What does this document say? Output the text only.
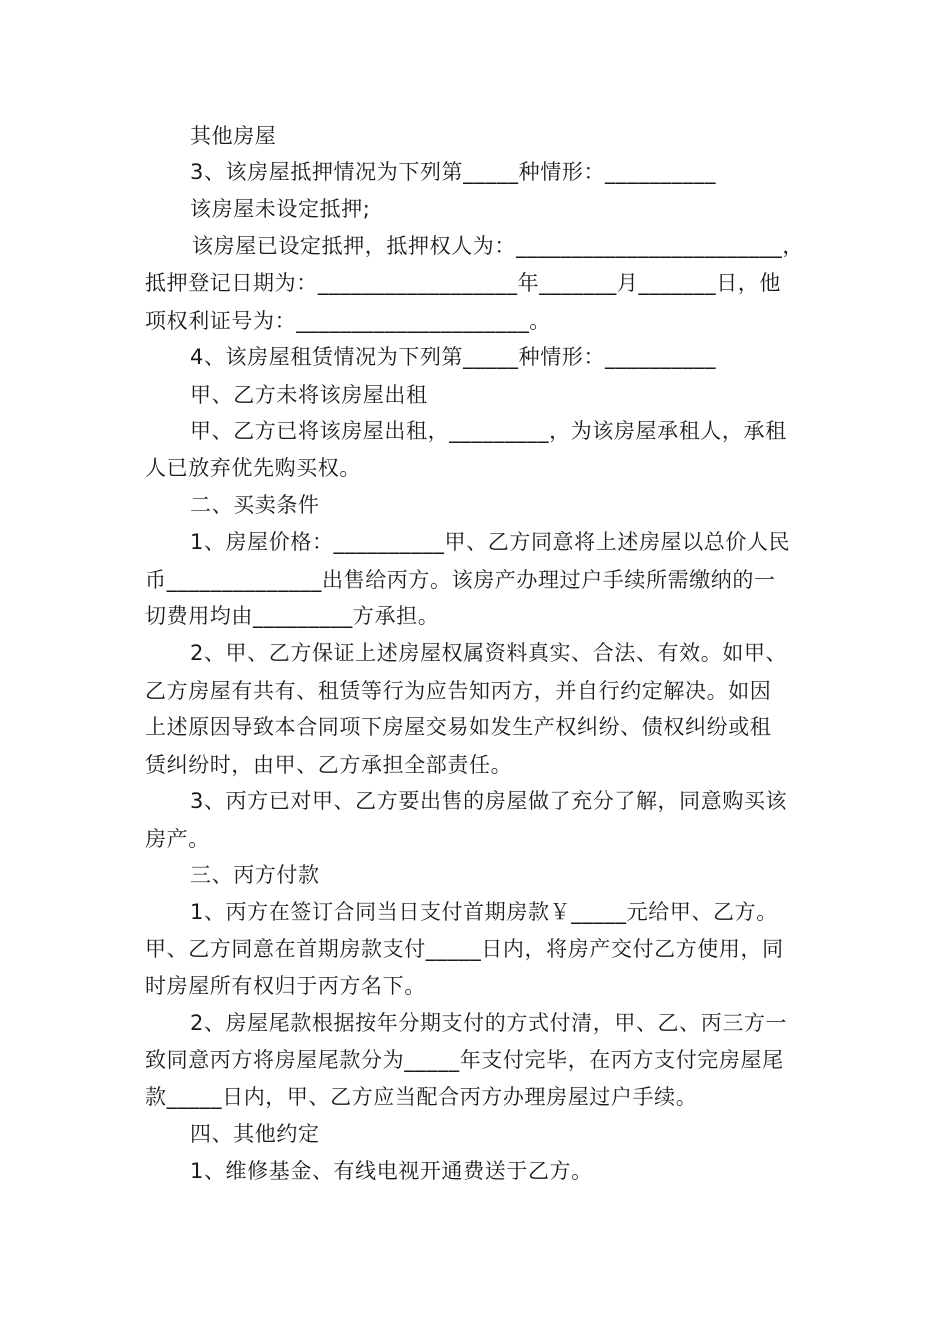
其他房屋
3、该房屋抵押情况为下列第_____种情形：__________
该房屋未设定抵押;
该房屋已设定抵押，抵押权人为：________________________，
抵押登记日期为：__________________年_______月_______日，他
项权利证号为：_____________________。
4、该房屋租赁情况为下列第_____种情形：__________
甲、乙方未将该房屋出租
甲、乙方已将该房屋出租，_________，为该房屋承租人，承租
人已放弃优先购买权。
二、买卖条件
1、房屋价格：__________甲、乙方同意将上述房屋以总价人民
币______________出售给丙方。该房产办理过户手续所需缴纳的一
切费用均由_________方承担。
2、甲、乙方保证上述房屋权属资料真实、合法、有效。如甲、
乙方房屋有共有、租赁等行为应告知丙方，并自行约定解决。如因
上述原因导致本合同项下房屋交易如发生产权纠纷、债权纠纷或租
赁纠纷时，由甲、乙方承担全部责任。
3、丙方已对甲、乙方要出售的房屋做了充分了解，同意购买该
房产。
三、丙方付款
1、丙方在签订合同当日支付首期房款￥_____元给甲、乙方。
甲、乙方同意在首期房款支付_____日内，将房产交付乙方使用，同
时房屋所有权归于丙方名下。
2、房屋尾款根据按年分期支付的方式付清，甲、乙、丙三方一
致同意丙方将房屋尾款分为_____年支付完毕，在丙方支付完房屋尾
款_____日内，甲、乙方应当配合丙方办理房屋过户手续。
四、其他约定
1、维修基金、有线电视开通费送于乙方。
